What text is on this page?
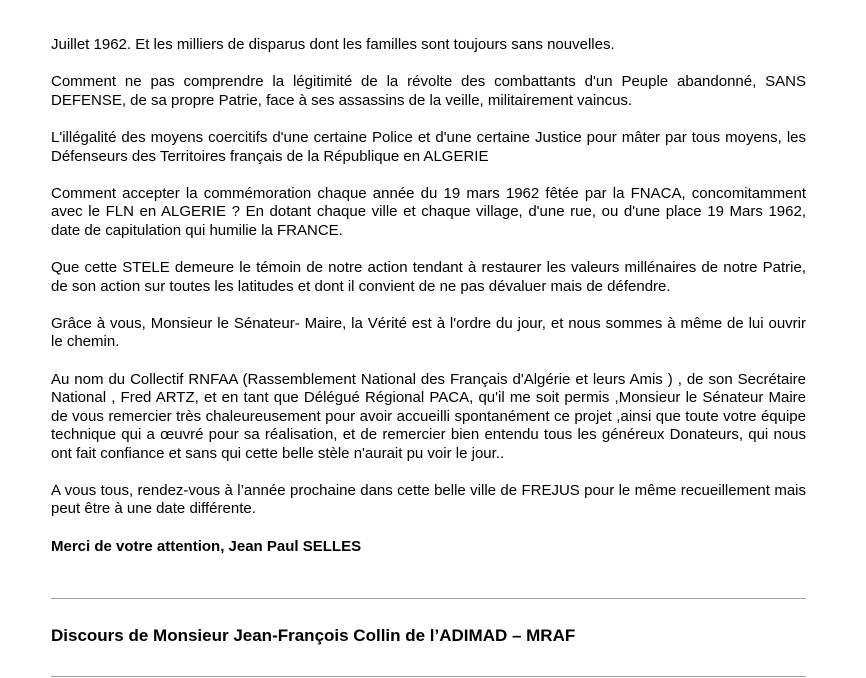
Juillet 1962. Et les milliers de disparus dont les familles sont toujours sans nouvelles.

Comment ne pas comprendre la légitimité de la révolte des combattants d'un Peuple abandonné, SANS DEFENSE, de sa propre Patrie, face à ses assassins de la veille, militairement vaincus.

L'illégalité des moyens coercitifs d'une certaine Police et d'une certaine Justice pour mâter par tous moyens, les Défenseurs des Territoires français de la République en ALGERIE

Comment accepter la commémoration chaque année du 19 mars 1962 fêtée par la FNACA, concomitamment avec le FLN en ALGERIE ? En dotant chaque ville et chaque village, d'une rue, ou d'une place 19 Mars 1962, date de capitulation qui humilie la FRANCE.

Que cette STELE demeure le témoin de notre action tendant à restaurer les valeurs millénaires de notre Patrie, de son action sur toutes les latitudes et dont il convient de ne pas dévaluer mais de défendre.

Grâce à vous, Monsieur le Sénateur- Maire, la Vérité est à l'ordre du jour, et nous sommes à même de lui ouvrir le chemin.

Au nom du Collectif RNFAA (Rassemblement National des Français d'Algérie et leurs Amis ) , de son Secrétaire National , Fred ARTZ, et en tant que Délégué Régional PACA, qu'il me soit permis ,Monsieur le Sénateur Maire de vous remercier très chaleureusement pour avoir accueilli spontanément ce projet ,ainsi que toute votre équipe technique qui a œuvré pour sa réalisation, et de remercier bien entendu tous les généreux Donateurs, qui nous ont fait confiance et sans qui cette belle stèle n'aurait pu voir le jour..

A vous tous, rendez-vous à l’année prochaine dans cette belle ville de FREJUS pour le même recueillement mais peut être à une date différente.

Merci de votre attention, Jean Paul SELLES

Discours de Monsieur Jean-François Collin de l’ADIMAD – MRAF
